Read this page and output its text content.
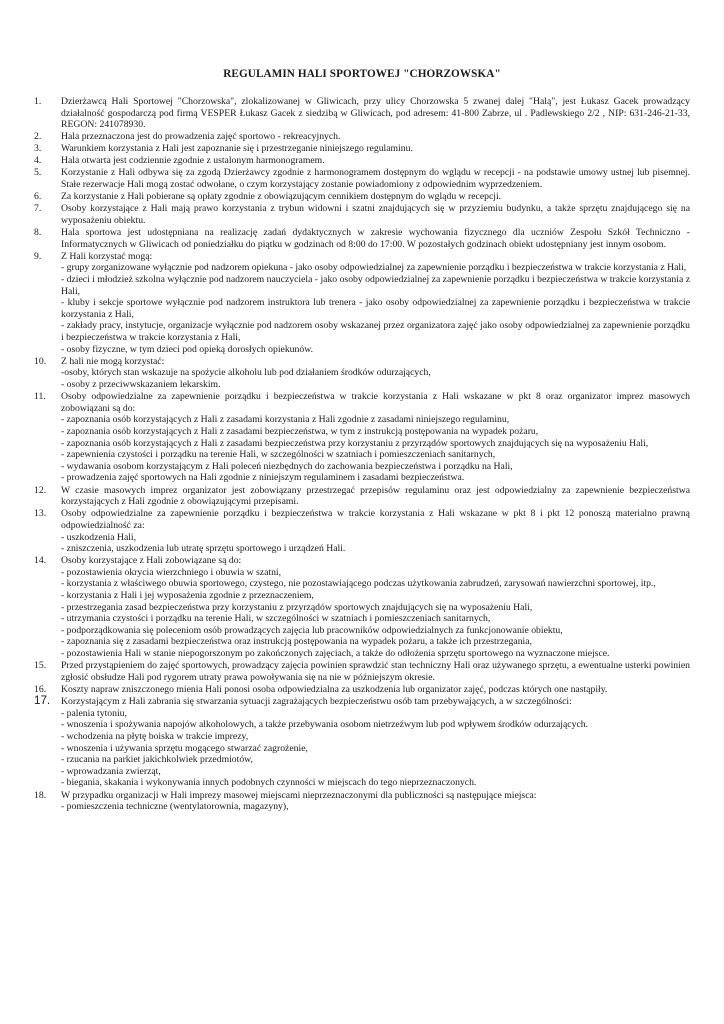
REGULAMIN HALI SPORTOWEJ "CHORZOWSKA"
1.	Dzierżawcą Hali Sportowej "Chorzowska", zlokalizowanej w Gliwicach, przy ulicy Chorzowska 5 zwanej dalej "Halą", jest Łukasz Gacek prowadzący działalność gospodarczą pod firmą VESPER Łukasz Gacek z siedzibą w Gliwicach, pod adresem: 41-800 Zabrze, ul . Padlewskiego 2/2 , NIP: 631-246-21-33, REGON: 241078930.
2.	Hala przeznaczona jest do prowadzenia zajęć sportowo - rekreacyjnych.
3.	Warunkiem korzystania z Hali jest zapoznanie się i przestrzeganie niniejszego regulaminu.
4.	Hala otwarta jest codziennie zgodnie z ustalonym harmonogramem.
5.	Korzystanie z Hali odbywa się za zgodą Dzierżawcy zgodnie z harmonogramem dostępnym do wglądu w recepcji - na podstawie umowy ustnej lub pisemnej. Stałe rezerwacje Hali mogą zostać odwołane, o czym korzystający zostanie powiadomiony z odpowiednim wyprzedzeniem.
6.	Za korzystanie z Hali pobierane są opłaty zgodnie z obowiązującym cennikiem dostępnym do wglądu w recepcji.
7.	Osoby korzystające z Hali mają prawo korzystania z trybun widowni i szatni znajdujących się w przyziemiu budynku, a także sprzętu znajdującego się na wyposażeniu obiektu.
8.	Hala sportowa jest udostępniana na realizację zadań dydaktycznych w zakresie wychowania fizycznego dla uczniów Zespołu Szkół Techniczno - Informatycznych w Gliwicach od poniedziałku do piątku w godzinach od 8:00 do 17:00. W pozostałych godzinach obiekt udostępniany jest innym osobom.
9.	Z Hali korzystać mogą:
- grupy zorganizowane wyłącznie pod nadzorem opiekuna - jako osoby odpowiedzialnej za zapewnienie porządku i bezpieczeństwa w trakcie korzystania z Hali,
- dzieci i młodzież szkolna wyłącznie pod nadzorem nauczyciela - jako osoby odpowiedzialnej za zapewnienie porządku i bezpieczeństwa w trakcie korzystania z Hali,
- kluby i sekcje sportowe wyłącznie pod nadzorem instruktora lub trenera - jako osoby odpowiedzialnej za zapewnienie porządku i bezpieczeństwa w trakcie korzystania z Hali,
- zakłady pracy, instytucje, organizacje wyłącznie pod nadzorem osoby wskazanej przez organizatora zajęć jako osoby odpowiedzialnej za zapewnienie porządku i bezpieczeństwa w trakcie korzystania z Hali,
- osoby fizyczne, w tym dzieci pod opieką dorosłych opiekunów.
10.	Z hali nie mogą korzystać:
-osoby, których stan wskazuje na spożycie alkoholu lub pod działaniem środków odurzających,
- osoby z przeciwwskazaniem lekarskim.
11.	Osoby odpowiedzialne za zapewnienie porządku i bezpieczeństwa w trakcie korzystania z Hali wskazane w pkt 8 oraz organizator imprez masowych zobowiązani są do:
- zapoznania osób korzystających z Hali z zasadami korzystania z Hali zgodnie z zasadami niniejszego regulaminu,
- zapoznania osób korzystających z Hali z zasadami bezpieczeństwa, w tym z instrukcją postępowania na wypadek pożaru,
- zapoznania osób korzystających z Hali z zasadami bezpieczeństwa przy korzystaniu z przyrządów sportowych znajdujących się na wyposażeniu Hali,
- zapewnienia czystości i porządku na terenie Hali, w szczególności w szatniach i pomieszczeniach sanitarnych,
- wydawania osobom korzystającym z Hali poleceń niezbędnych do zachowania bezpieczeństwa i porządku na Hali,
- prowadzenia zajęć sportowych na Hali zgodnie z niniejszym regulaminem i zasadami bezpieczeństwa.
12.	W czasie masowych imprez organizator jest zobowiązany przestrzegać przepisów regulaminu oraz jest odpowiedzialny za zapewnienie bezpieczeństwa korzystających z Hali zgodnie z obowiązującymi przepisami.
13.	Osoby odpowiedzialne za zapewnienie porządku i bezpieczeństwa w trakcie korzystania z Hali wskazane w pkt 8 i pkt 12 ponoszą materialno prawną odpowiedzialność za:
- uszkodzenia Hali,
- zniszczenia, uszkodzenia lub utratę sprzętu sportowego i urządzeń Hali.
14.	Osoby korzystające z Hali zobowiązane są do:
- pozostawienia okrycia wierzchniego i obuwia w szatni,
- korzystania z właściwego obuwia sportowego, czystego, nie pozostawiającego podczas użytkowania zabrudzeń, zarysowań nawierzchni sportowej, itp.,
- korzystania z Hali i jej wyposażenia zgodnie z przeznaczeniem,
- przestrzegania zasad bezpieczeństwa przy korzystaniu z przyrządów sportowych znajdujących się na wyposażeniu Hali,
- utrzymania czystości i porządku na terenie Hali, w szczególności w szatniach i pomieszczeniach sanitarnych,
- podporządkowania się poleceniom osób prowadzących zajęcia lub pracowników odpowiedzialnych za funkcjonowanie obiektu,
- zapoznania się z zasadami bezpieczeństwa oraz instrukcją postępowania na wypadek pożaru, a także ich przestrzegania,
- pozostawienia Hali w stanie niepogorszonym po zakończonych zajęciach, a także do odłożenia sprzętu sportowego na wyznaczone miejsce.
15.	Przed przystąpieniem do zajęć sportowych, prowadzący zajęcia powinien sprawdzić stan techniczny Hali oraz używanego sprzętu, a ewentualne usterki powinien zgłosić obsłudze Hali pod rygorem utraty prawa powoływania się na nie w późniejszym okresie.
16.	Koszty napraw zniszczonego mienia Hali ponosi osoba odpowiedzialna za uszkodzenia lub organizator zajęć, podczas których one nastąpiły.
17.	Korzystającym z Hali zabrania się stwarzania sytuacji zagrażających bezpieczeństwu osób tam przebywających, a w szczególności:
- palenia tytoniu,
- wnoszenia i spożywania napojów alkoholowych, a także przebywania osobom nietrzeźwym lub pod wpływem środków odurzających.
- wchodzenia na płytę boiska w trakcie imprezy,
- wnoszenia i używania sprzętu mogącego stwarzać zagrożenie,
- rzucania na parkiet jakichkolwiek przedmiotów,
- wprowadzania zwierząt,
- biegania, skakania i wykonywania innych podobnych czynności w miejscach do tego nieprzeznaczonych.
18.	W przypadku organizacji w Hali imprezy masowej miejscami nieprzeznaczonymi dla publiczności są następujące miejsca:
- pomieszczenia techniczne (wentylatorownia, magazyny),
